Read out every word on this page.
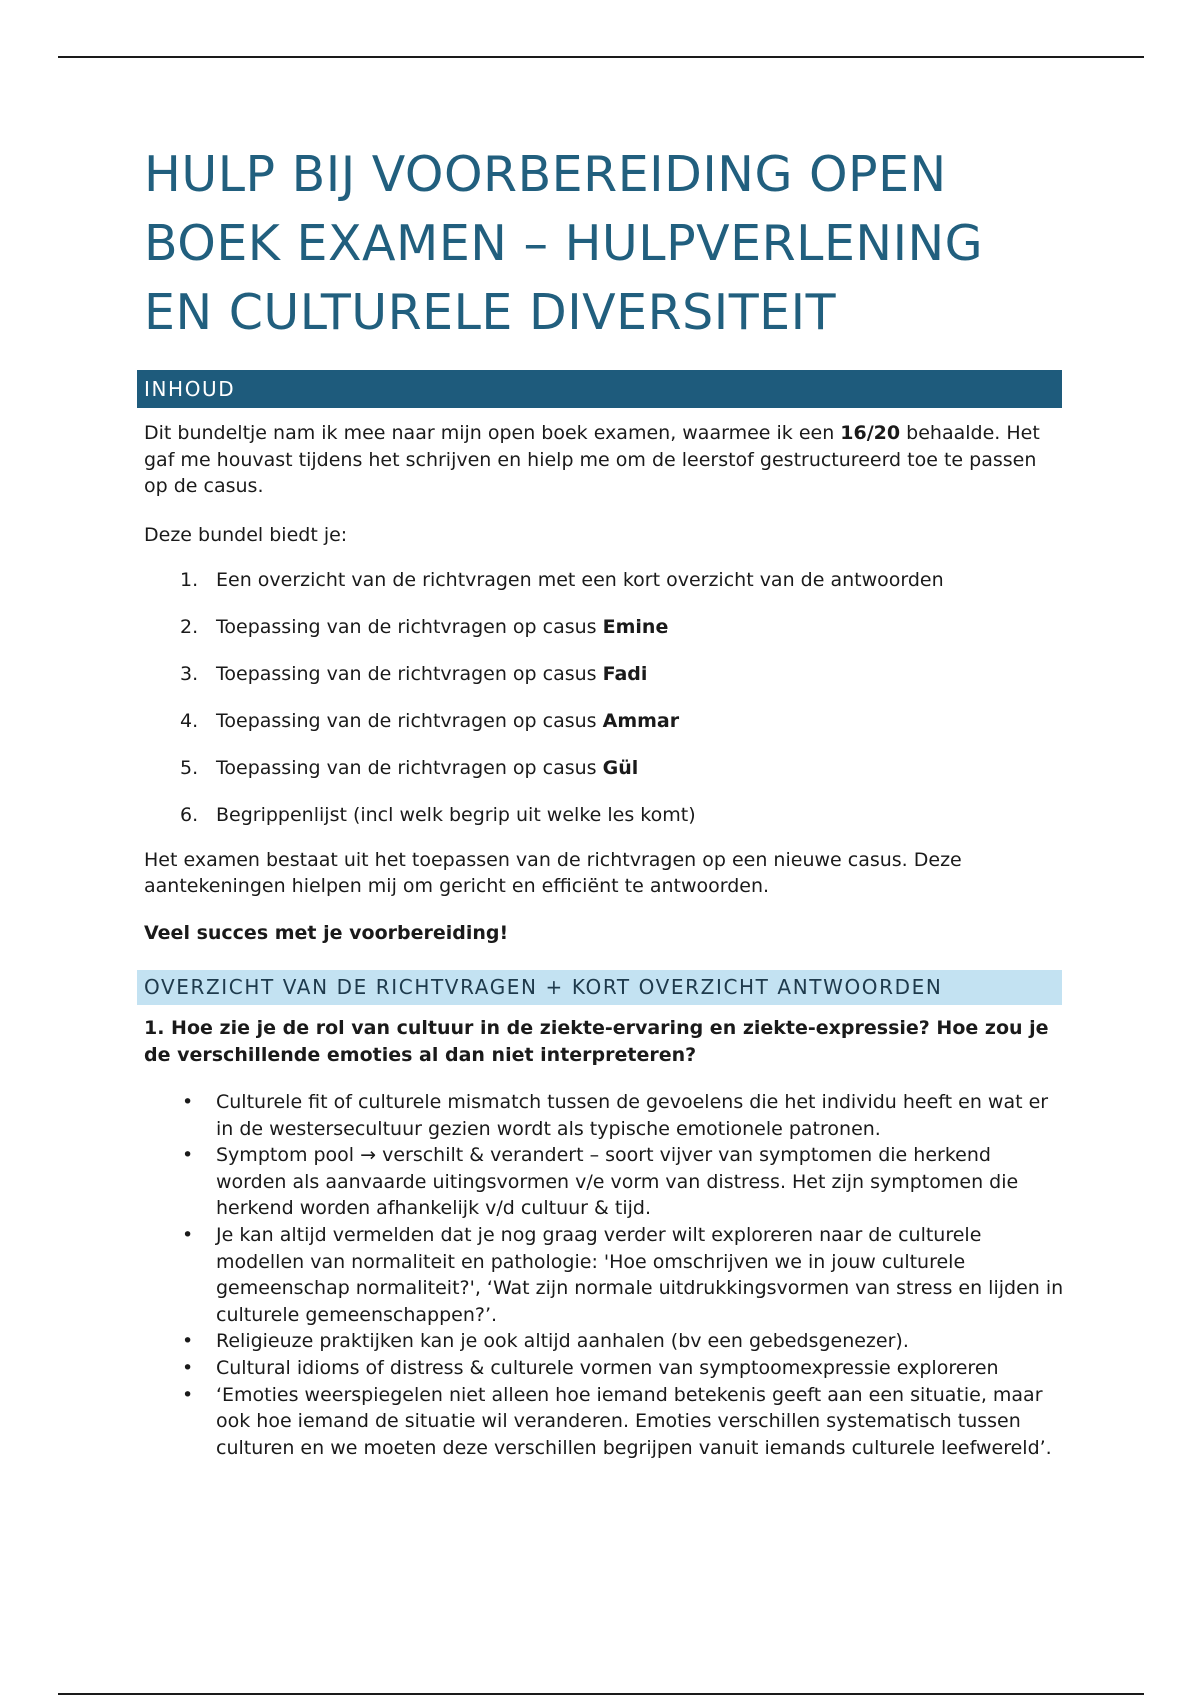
HULP BIJ VOORBEREIDING OPEN BOEK EXAMEN – HULPVERLENING EN CULTURELE DIVERSITEIT
INHOUD

Dit bundeltje nam ik mee naar mijn open boek examen, waarmee ik een 16/20 behaalde. Het gaf me houvast tijdens het schrijven en hielp me om de leerstof gestructureerd toe te passen op de casus.

Deze bundel biedt je:

1. Een overzicht van de richtvragen met een kort overzicht van de antwoorden
2. Toepassing van de richtvragen op casus Emine
3. Toepassing van de richtvragen op casus Fadi
4. Toepassing van de richtvragen op casus Ammar
5. Toepassing van de richtvragen op casus Gül
6. Begrippenlijst (incl welk begrip uit welke les komt)

Het examen bestaat uit het toepassen van de richtvragen op een nieuwe casus. Deze aantekeningen hielpen mij om gericht en efficiënt te antwoorden.

Veel succes met je voorbereiding!

OVERZICHT VAN DE RICHTVRAGEN + KORT OVERZICHT ANTWOORDEN

1. Hoe zie je de rol van cultuur in de ziekte-ervaring en ziekte-expressie? Hoe zou je de verschillende emoties al dan niet interpreteren?

•	Culturele fit of culturele mismatch tussen de gevoelens die het individu heeft en wat er in de westersecultuur gezien wordt als typische emotionele patronen.
•	Symptom pool → verschilt & verandert – soort vijver van symptomen die herkend worden als aanvaarde uitingsvormen v/e vorm van distress. Het zijn symptomen die herkend worden afhankelijk v/d cultuur & tijd.
•	Je kan altijd vermelden dat je nog graag verder wilt exploreren naar de culturele modellen van normaliteit en pathologie: 'Hoe omschrijven we in jouw culturele gemeenschap normaliteit?', ‘Wat zijn normale uitdrukkingsvormen van stress en lijden in culturele gemeenschappen?’.
•	Religieuze praktijken kan je ook altijd aanhalen (bv een gebedsgenezer).
•	Cultural idioms of distress & culturele vormen van symptoomexpressie exploreren
•	‘Emoties weerspiegelen niet alleen hoe iemand betekenis geeft aan een situatie, maar ook hoe iemand de situatie wil veranderen. Emoties verschillen systematisch tussen culturen en we moeten deze verschillen begrijpen vanuit iemands culturele leefwereld’.
